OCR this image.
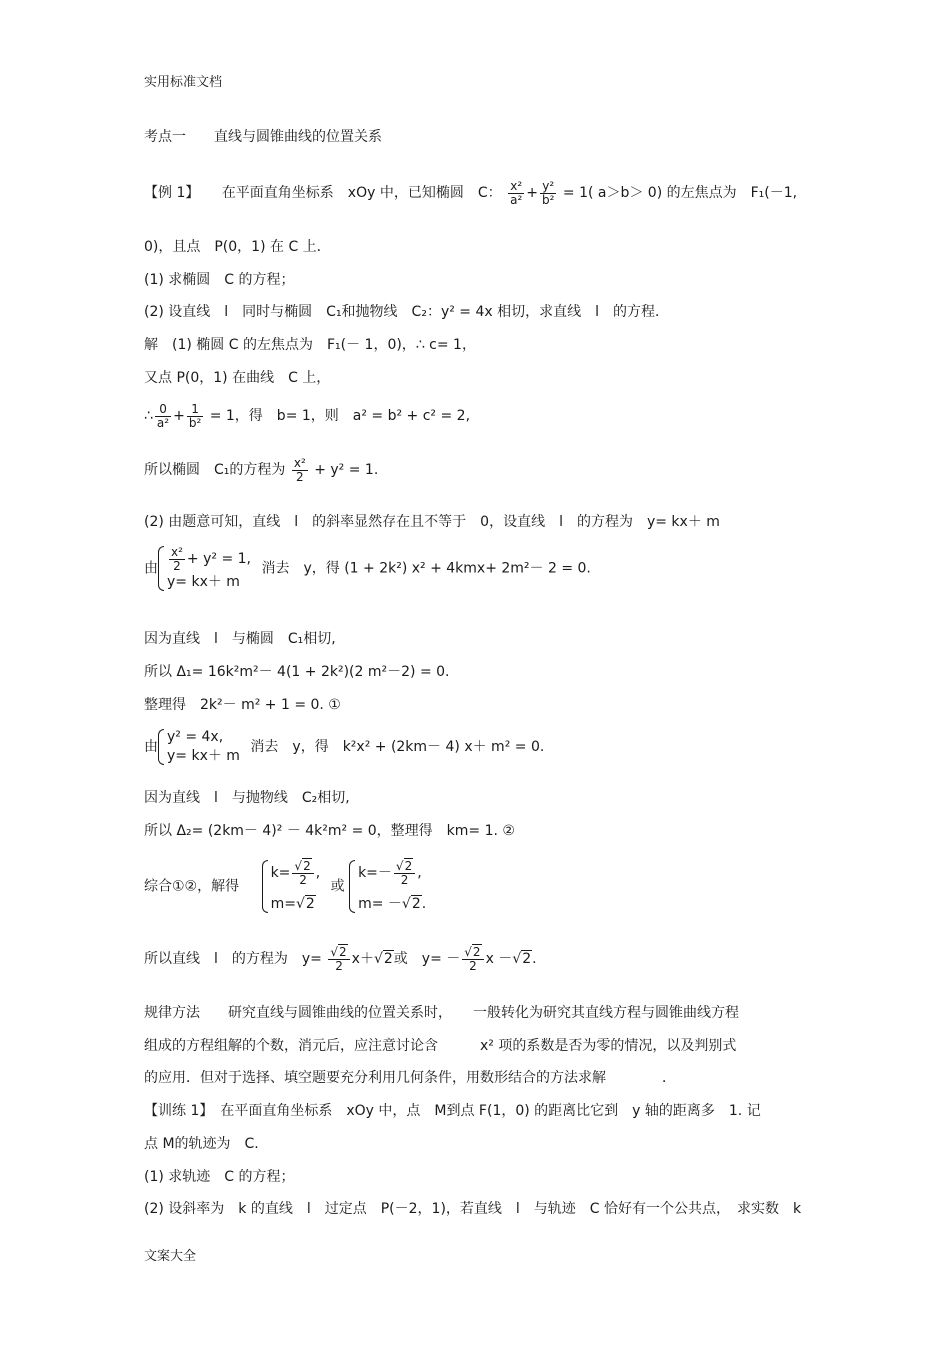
实用标准文档
考点一　　直线与圆锥曲线的位置关系
【例 1】 在平面直角坐标系　xOy 中，已知椭圆　C： $\frac{\text{x²}}{\text{a²}} + \frac{\text{y²}}{\text{b²}} = 1$( a＞b＞ 0) 的左焦点为　F₁(－1,
0)，且点　P(0，1) 在 C 上．
(1) 求椭圆　C 的方程；
(2) 设直线　l　同时与椭圆　C₁和抛物线　C₂：y² = 4x 相切，求直线　l　的方程．
解　(1) 椭圆 C 的左焦点为　F₁(－ 1，0)，∴ c= 1，
又点 P(0，1) 在曲线　C 上，
∴ $\frac{0}{\text{a²}} + \frac{1}{\text{b²}} = 1$，得　b= 1，则　a² = b² + c² = 2,
所以椭圆　C₁的方程为 $\frac{\text{x²}}{2} + y^2 = 1$.
(2) 由题意可知，直线　l　的斜率显然存在且不等于　0，设直线　l　的方程为　y= kx＋ m
由 $\frac{\text{x²}}{2} + y^2 = 1$,
y= kx＋ m
消去　y，得 (1 + 2k²) x² + 4kmx+ 2m²－ 2 = 0.
因为直线　l　与椭圆　C₁相切,
所以 Δ₁= 16k²m²－ 4(1 + 2k²)(2 m²－2) = 0.
整理得　2k²－ m² + 1 = 0. ①
由
y² = 4x,
y= kx＋ m
消去　y，得　k²x² + (2km－ 4) x＋ m² = 0.
因为直线　l　与抛物线　C₂相切,
所以 Δ₂= (2km－ 4)² － 4k²m² = 0，整理得　km= 1. ②
综合①②，解得
$k= \frac{√2}{2}$ ,
m=√2
或
$k=- \frac{√2}{2}$ ,
m= －√2.
所以直线　l　的方程为　$y= \frac{√2}{2} x+√2$或　$y= - \frac{√2}{2}$ x －√2.
规律方法　　研究直线与圆锥曲线的位置关系时，　　一般转化为研究其直线方程与圆锥曲线方程
组成的方程组解的个数，消元后，应注意讨论含　　　x² 项的系数是否为零的情况，以及判别式
的应用．但对于选择、填空题要充分利用几何条件，用数形结合的方法求解　　　　．
【训练 1】　在平面直角坐标系　xOy 中，点　M到点 F(1，0) 的距离比它到　y 轴的距离多　1. 记
点 M的轨迹为　C.
(1) 求轨迹　C 的方程；
(2) 设斜率为　k 的直线　l　过定点　P(－2，1)，若直线　l　与轨迹　C 恰好有一个公共点，　求实数　k
文案大全
